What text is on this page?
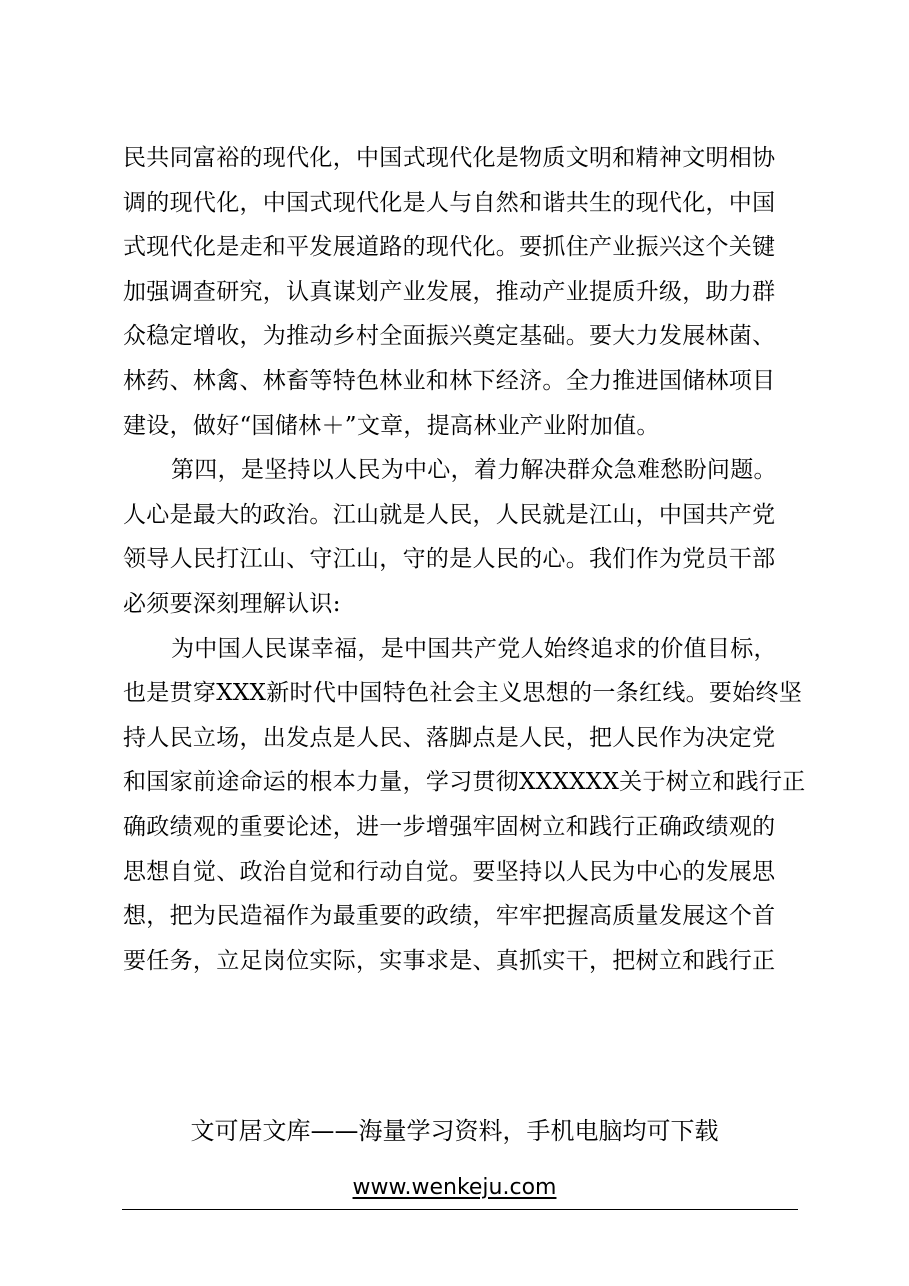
民共同富裕的现代化，中国式现代化是物质文明和精神文明相协
调的现代化，中国式现代化是人与自然和谐共生的现代化，中国
式现代化是走和平发展道路的现代化。要抓住产业振兴这个关键
加强调查研究，认真谋划产业发展，推动产业提质升级，助力群
众稳定增收，为推动乡村全面振兴奠定基础。要大力发展林菌、
林药、林禽、林畜等特色林业和林下经济。全力推进国储林项目
建设，做好“国储林＋”文章，提高林业产业附加值。
第四，是坚持以人民为中心，着力解决群众急难愁盼问题。
人心是最大的政治。江山就是人民，人民就是江山，中国共产党
领导人民打江山、守江山，守的是人民的心。我们作为党员干部
必须要深刻理解认识:
为中国人民谋幸福，是中国共产党人始终追求的价值目标，
也是贯穿XXX新时代中国特色社会主义思想的一条红线。要始终坚
持人民立场，出发点是人民、落脚点是人民，把人民作为决定党
和国家前途命运的根本力量，学习贯彻XXXXXX关于树立和践行正
确政绩观的重要论述，进一步增强牢固树立和践行正确政绩观的
思想自觉、政治自觉和行动自觉。要坚持以人民为中心的发展思
想，把为民造福作为最重要的政绩，牢牢把握高质量发展这个首
要任务，立足岗位实际，实事求是、真抓实干，把树立和践行正
文可居文库——海量学习资料，手机电脑均可下载
www.wenkeju.com
